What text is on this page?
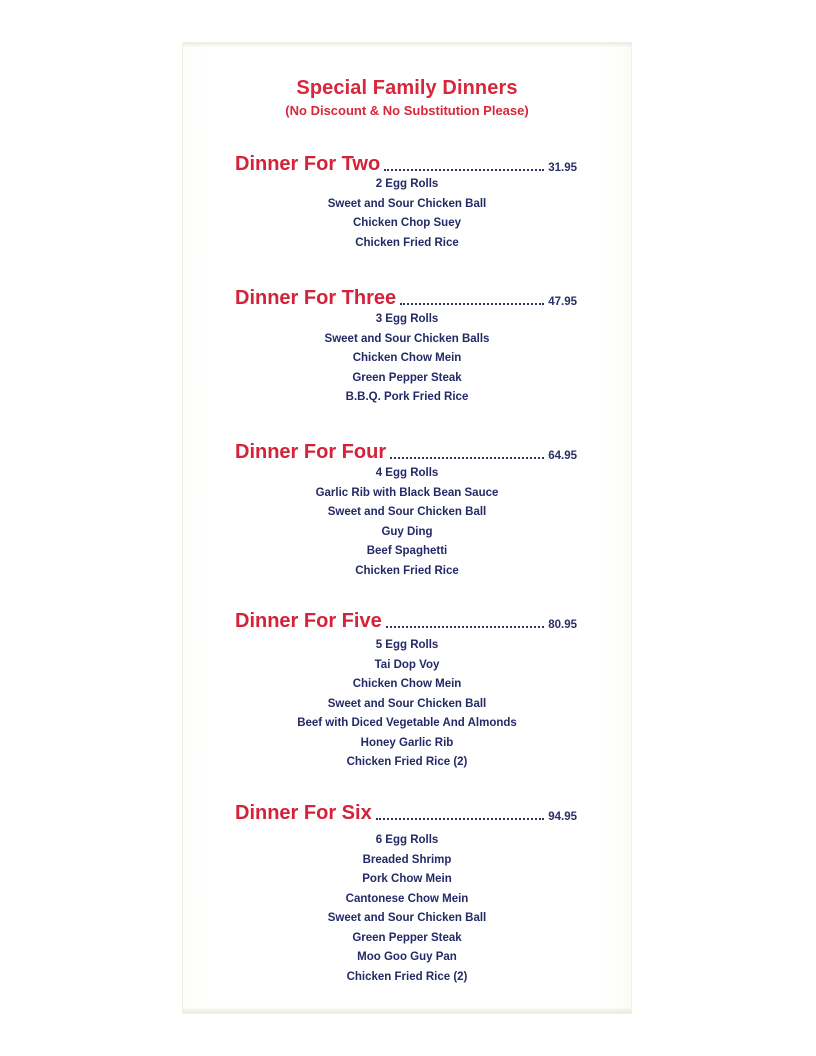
Special Family Dinners
(No Discount & No Substitution Please)
Dinner For Two	31.95
2 Egg Rolls
Sweet and Sour Chicken Ball
Chicken Chop Suey
Chicken Fried Rice
Dinner For Three	47.95
3 Egg Rolls
Sweet and Sour Chicken Balls
Chicken Chow Mein
Green Pepper Steak
B.B.Q. Pork Fried Rice
Dinner For Four	64.95
4 Egg Rolls
Garlic Rib with Black Bean Sauce
Sweet and Sour Chicken Ball
Guy Ding
Beef Spaghetti
Chicken Fried Rice
Dinner For Five	80.95
5 Egg Rolls
Tai Dop Voy
Chicken Chow Mein
Sweet and Sour Chicken Ball
Beef with Diced Vegetable And Almonds
Honey Garlic Rib
Chicken Fried Rice (2)
Dinner For Six	94.95
6 Egg Rolls
Breaded Shrimp
Pork Chow Mein
Cantonese Chow Mein
Sweet and Sour Chicken Ball
Green Pepper Steak
Moo Goo Guy Pan
Chicken Fried Rice (2)
